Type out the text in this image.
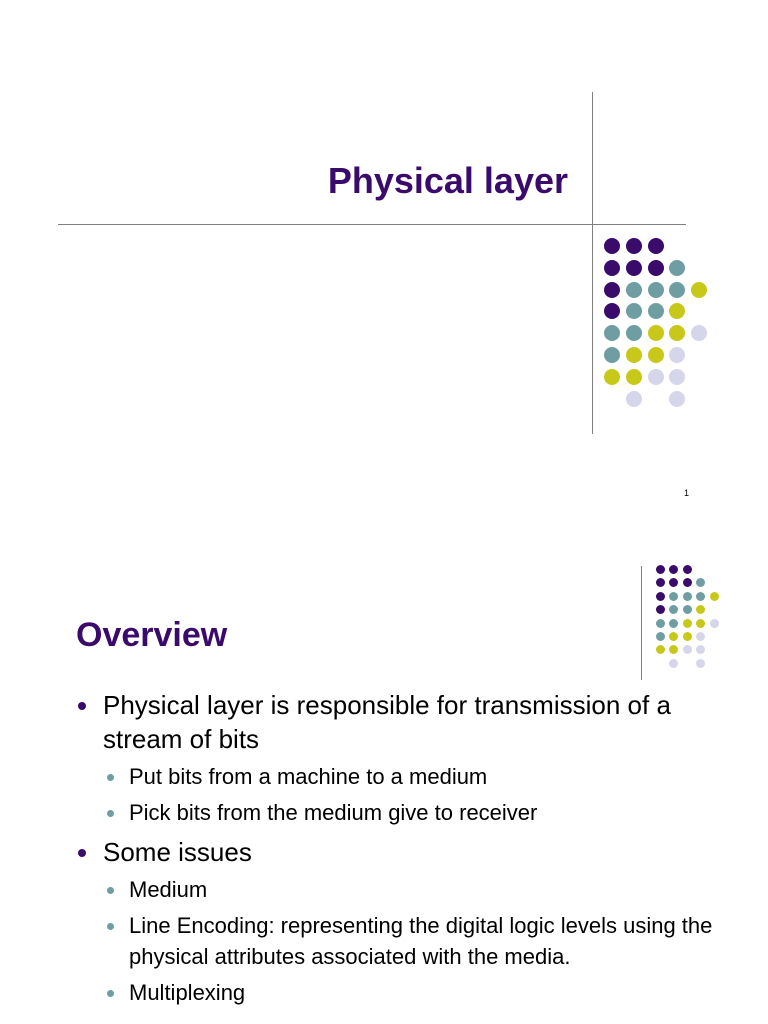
Physical layer
1
Overview
Physical layer is responsible for transmission of a stream of bits
Put bits from a machine to a medium
Pick bits from the medium give to receiver
Some issues
Medium
Line Encoding: representing the digital logic levels using the physical attributes associated with the media.
Multiplexing
